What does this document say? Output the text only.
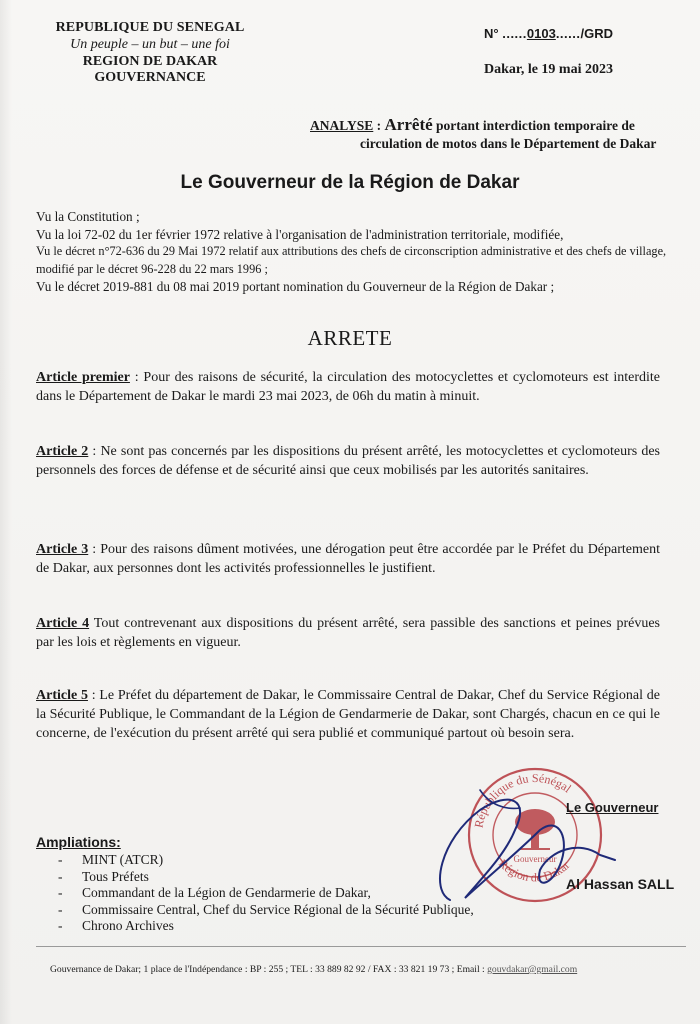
REPUBLIQUE DU SENEGAL
Un peuple – un but – une foi
REGION DE DAKAR
GOUVERNANCE
N° ......0103....../GRD
Dakar, le 19 mai 2023
ANALYSE : Arrêté portant interdiction temporaire de
circulation de motos dans le Département de Dakar
Le Gouverneur de la Région de Dakar
Vu la Constitution ;
Vu la loi 72-02 du 1er février 1972 relative à l'organisation de l'administration territoriale, modifiée,
Vu le décret n°72-636 du 29 Mai 1972 relatif aux attributions des chefs de circonscription administrative et des chefs de village, modifié par le décret 96-228 du 22 mars 1996 ;
Vu le décret 2019-881 du 08 mai 2019 portant nomination du Gouverneur de la Région de Dakar ;
ARRETE
Article premier : Pour des raisons de sécurité, la circulation des motocyclettes et cyclomoteurs est interdite dans le Département de Dakar le mardi 23 mai 2023, de 06h du matin à minuit.
Article 2 : Ne sont pas concernés par les dispositions du présent arrêté, les motocyclettes et cyclomoteurs des personnels des forces de défense et de sécurité ainsi que ceux mobilisés par les autorités sanitaires.
Article 3 : Pour des raisons dûment motivées, une dérogation peut être accordée par le Préfet du Département de Dakar, aux personnes dont les activités professionnelles le justifient.
Article 4 Tout contrevenant aux dispositions du présent arrêté, sera passible des sanctions et peines prévues par les lois et règlements en vigueur.
Article 5 : Le Préfet du département de Dakar, le Commissaire Central de Dakar, Chef du Service Régional de la Sécurité Publique, le Commandant de la Légion de Gendarmerie de Dakar, sont Chargés, chacun en ce qui le concerne, de l'exécution du présent arrêté qui sera publié et communiqué partout où besoin sera.
République du Sénégal
Région de Dakar
Gouverneur
Le Gouverneur
Al Hassan SALL
Ampliations:
- MINT (ATCR)
- Tous Préfets
- Commandant de la Légion de Gendarmerie de Dakar,
- Commissaire Central, Chef du Service Régional de la Sécurité Publique,
- Chrono Archives
Gouvernance de Dakar; 1 place de l'Indépendance : BP : 255 ; TEL : 33 889 82 92 / FAX : 33 821 19 73 ; Email : gouvdakar@gmail.com
